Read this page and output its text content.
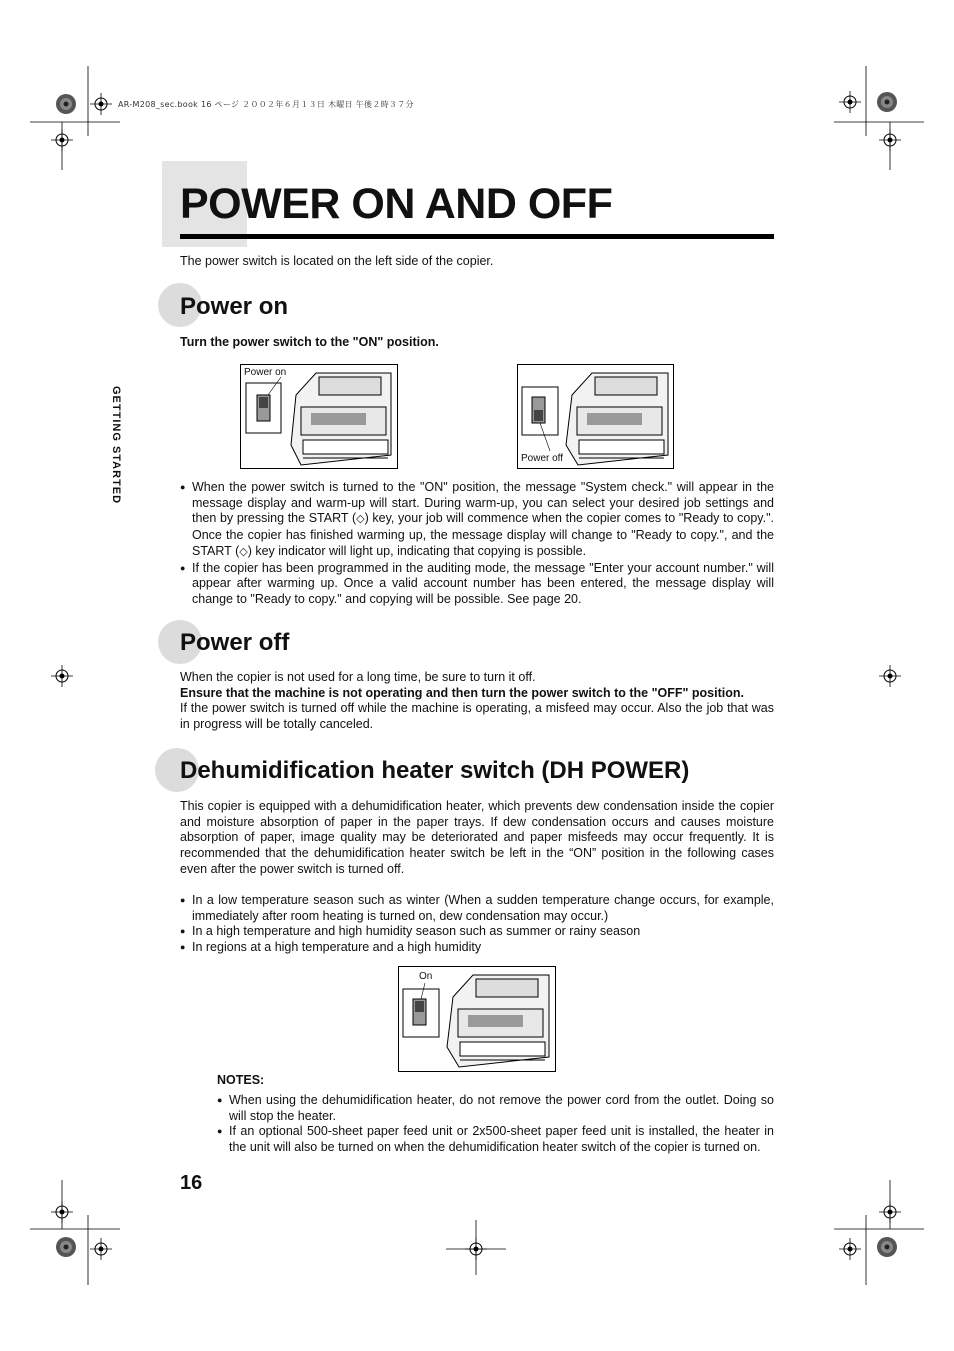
AR-M208_sec.book 16 ページ ２００２年６月１３日 木曜日 午後２時３７分
POWER ON AND OFF
The power switch is located on the left side of the copier.
GETTING STARTED
Power on
Turn the power switch to the "ON" position.
Power on
Power off
● When the power switch is turned to the "ON" position, the message "System check." will appear in the message display and warm-up will start. During warm-up, you can select your desired job settings and then by pressing the START (◇) key, your job will commence when the copier comes to "Ready to copy.". Once the copier has finished warming up, the message display will change to "Ready to copy.", and the START (◇) key indicator will light up, indicating that copying is possible.
● If the copier has been programmed in the auditing mode, the message "Enter your account number." will appear after warming up. Once a valid account number has been entered, the message display will change to "Ready to copy." and copying will be possible. See page 20.
Power off
When the copier is not used for a long time, be sure to turn it off.
Ensure that the machine is not operating and then turn the power switch to the "OFF" position.
If the power switch is turned off while the machine is operating, a misfeed may occur. Also the job that was in progress will be totally canceled.
Dehumidification heater switch (DH POWER)
This copier is equipped with a dehumidification heater, which prevents dew condensation inside the copier and moisture absorption of paper in the paper trays. If dew condensation occurs and causes moisture absorption of paper, image quality may be deteriorated and paper misfeeds may occur frequently. It is recommended that the dehumidification heater switch be left in the “ON” position in the following cases even after the power switch is turned off.
● In a low temperature season such as winter (When a sudden temperature change occurs, for example, immediately after room heating is turned on, dew condensation may occur.)
● In a high temperature and high humidity season such as summer or rainy season
● In regions at a high temperature and a high humidity
On
NOTES:
● When using the dehumidification heater, do not remove the power cord from the outlet. Doing so will stop the heater.
● If an optional 500-sheet paper feed unit or 2x500-sheet paper feed unit is installed, the heater in the unit will also be turned on when the dehumidification heater switch of the copier is turned on.
16
